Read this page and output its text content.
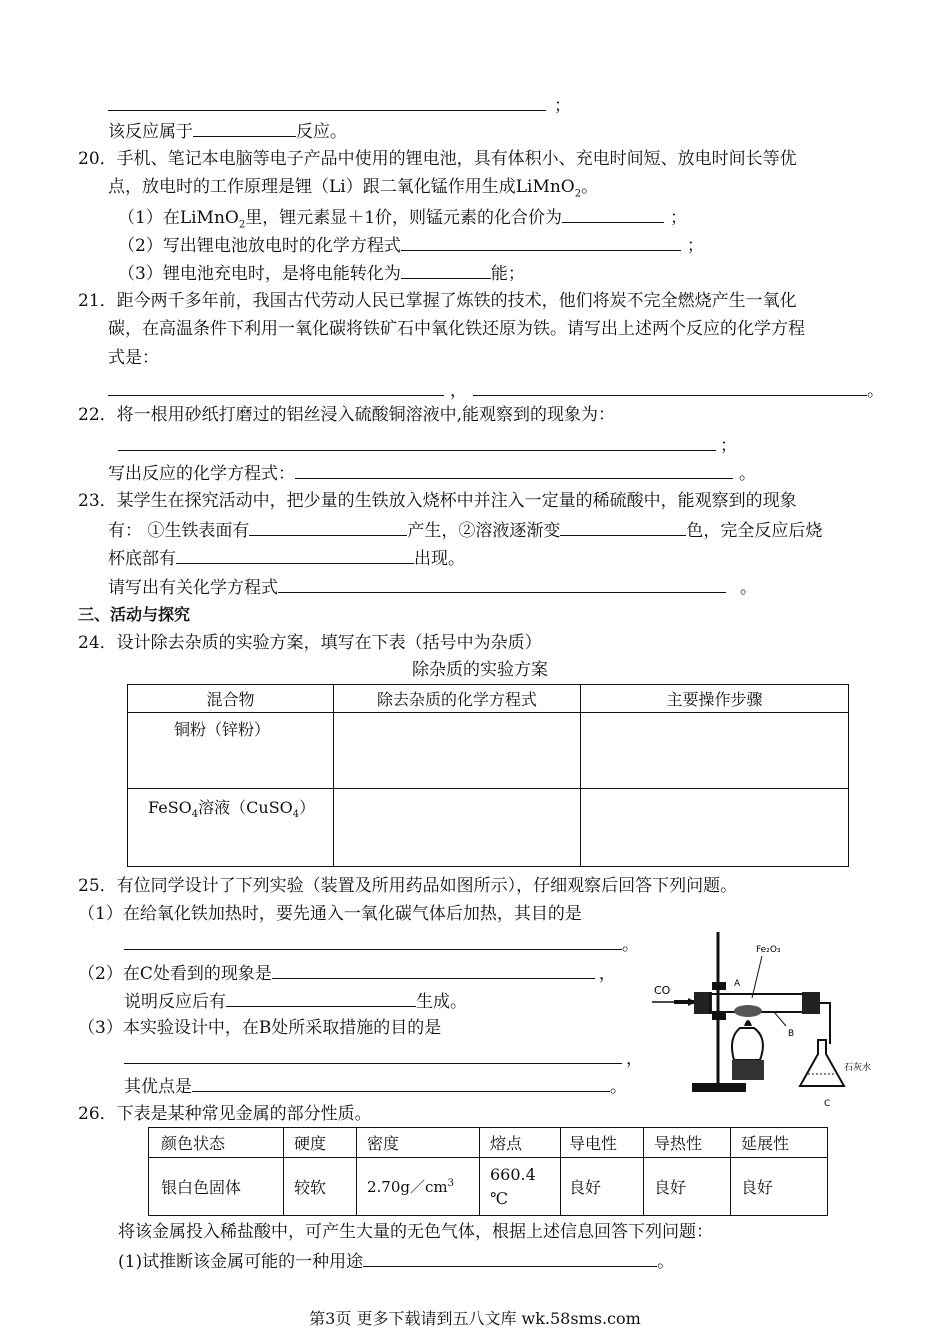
；
该反应属于	反应。
20．手机、笔记本电脑等电子产品中使用的锂电池，具有体积小、充电时间短、放电时间长等优
点，放电时的工作原理是锂（Li）跟二氧化锰作用生成LiMnO$_2$。
（1）在LiMnO$_2$里，锂元素显＋1价，则锰元素的化合价为	；
（2）写出锂电池放电时的化学方程式	；
（3）锂电池充电时，是将电能转化为	能；
21．距今两千多年前，我国古代劳动人民已掌握了炼铁的技术，他们将炭不完全燃烧产生一氧化
碳，在高温条件下利用一氧化碳将铁矿石中氧化铁还原为铁。请写出上述两个反应的化学方程
式是：
，	。
22．将一根用砂纸打磨过的铝丝浸入硫酸铜溶液中,能观察到的现象为：
；
写出反应的化学方程式：	。
23．某学生在探究活动中，把少量的生铁放入烧杯中并注入一定量的稀硫酸中，能观察到的现象
有： ①生铁表面有	产生，②溶液逐渐变	色，完全反应后烧
杯底部有	出现。
请写出有关化学方程式	。
三、活动与探究
24．设计除去杂质的实验方案，填写在下表（括号中为杂质）
除杂质的实验方案
混合物	除去杂质的化学方程式	主要操作步骤
铜粉（锌粉）		
FeSO$_4$溶液（CuSO$_4$）		
25．有位同学设计了下列实验（装置及所用药品如图所示），仔细观察后回答下列问题。
（1）在给氧化铁加热时，要先通入一氧化碳气体后加热，其目的是
。
（2）在C处看到的现象是	，
说明反应后有	生成。
（3）本实验设计中，在B处所采取措施的目的是
，
其优点是	。
CO
Fe₂O₃
A
B
石灰水
C
26．下表是某种常见金属的部分性质。
颜色状态	硬度	密度	熔点	导电性	导热性	延展性
银白色固体	较软	$2.70g/cm^3$	660.4
℃	良好	良好	良好
将该金属投入稀盐酸中，可产生大量的无色气体，根据上述信息回答下列问题：
(1)试推断该金属可能的一种用途	。
第3页 更多下载请到五八文库 wk.58sms.com
